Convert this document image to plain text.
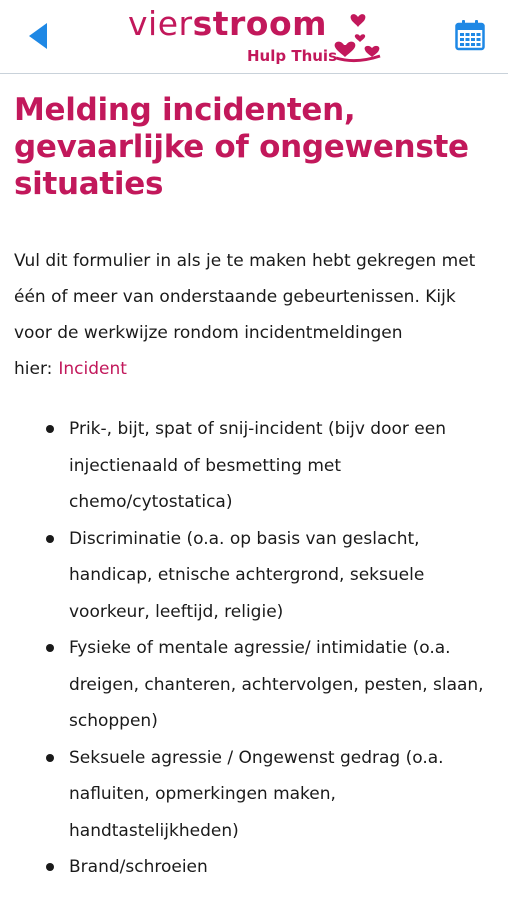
vierstroom
Hulp Thuis
Melding incidenten, gevaarlijke of ongewenste situaties

Vul dit formulier in als je te maken hebt gekregen met één of meer van onderstaande gebeurtenissen. Kijk voor de werkwijze rondom incidentmeldingen hier: Incident

Prik-, bijt, spat of snij-incident (bijv door een injectienaald of besmetting met chemo/cytostatica)
Discriminatie (o.a. op basis van geslacht, handicap, etnische achtergrond, seksuele voorkeur, leeftijd, religie)
Fysieke of mentale agressie/ intimidatie (o.a. dreigen, chanteren, achtervolgen, pesten, slaan, schoppen)
Seksuele agressie / Ongewenst gedrag (o.a. nafluiten, opmerkingen maken, handtastelijkheden)
Brand/schroeien
